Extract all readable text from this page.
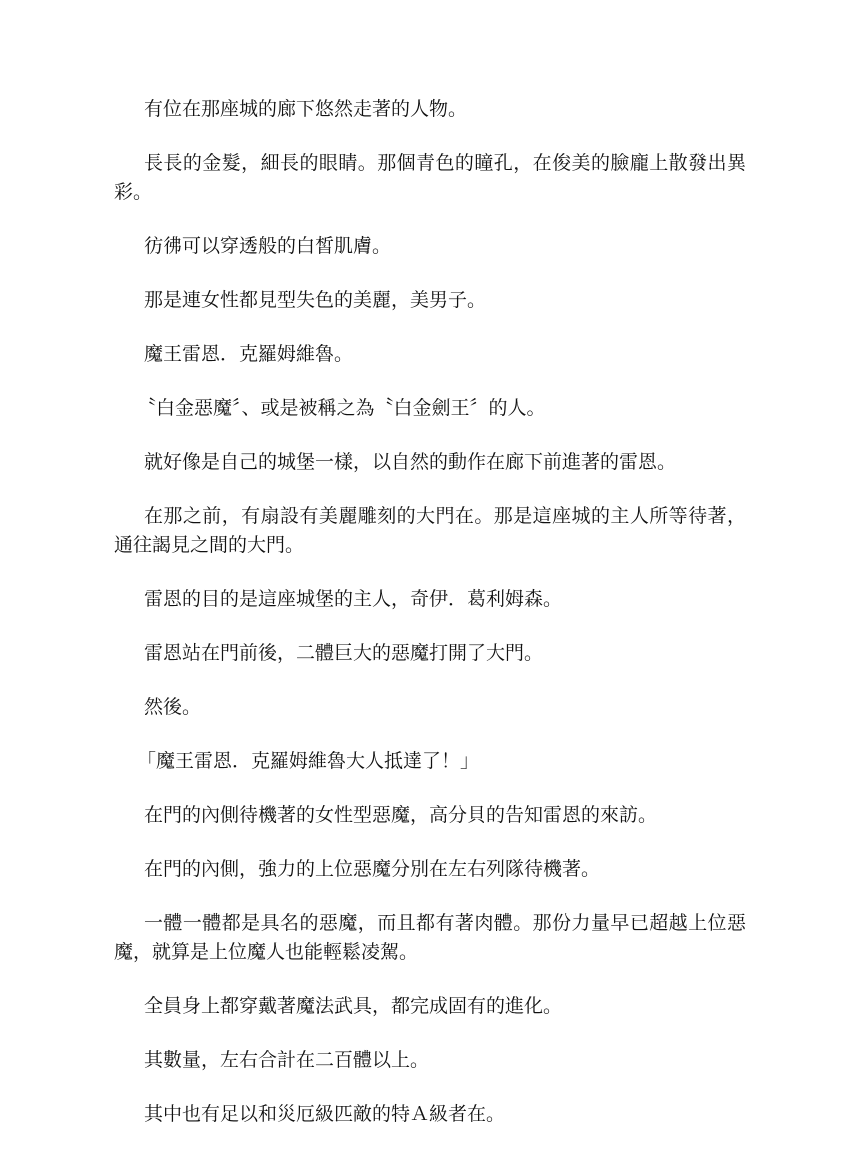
有位在那座城的廊下悠然走著的人物。

長長的金髮，細長的眼睛。那個青色的瞳孔，在俊美的臉龐上散發出異彩。

彷彿可以穿透般的白皙肌膚。

那是連女性都見型失色的美麗，美男子。

魔王雷恩．克羅姆維魯。

〝白金惡魔〞、或是被稱之為〝白金劍王〞的人。

就好像是自己的城堡一樣，以自然的動作在廊下前進著的雷恩。

在那之前，有扇設有美麗雕刻的大門在。那是這座城的主人所等待著，通往謁見之間的大門。

雷恩的目的是這座城堡的主人，奇伊．葛利姆森。

雷恩站在門前後，二體巨大的惡魔打開了大門。

然後。

「魔王雷恩．克羅姆維魯大人抵達了！」

在門的內側待機著的女性型惡魔，高分貝的告知雷恩的來訪。

在門的內側，強力的上位惡魔分別在左右列隊待機著。

一體一體都是具名的惡魔，而且都有著肉體。那份力量早已超越上位惡魔，就算是上位魔人也能輕鬆凌駕。

全員身上都穿戴著魔法武具，都完成固有的進化。

其數量，左右合計在二百體以上。

其中也有足以和災厄級匹敵的特Ａ級者在。
